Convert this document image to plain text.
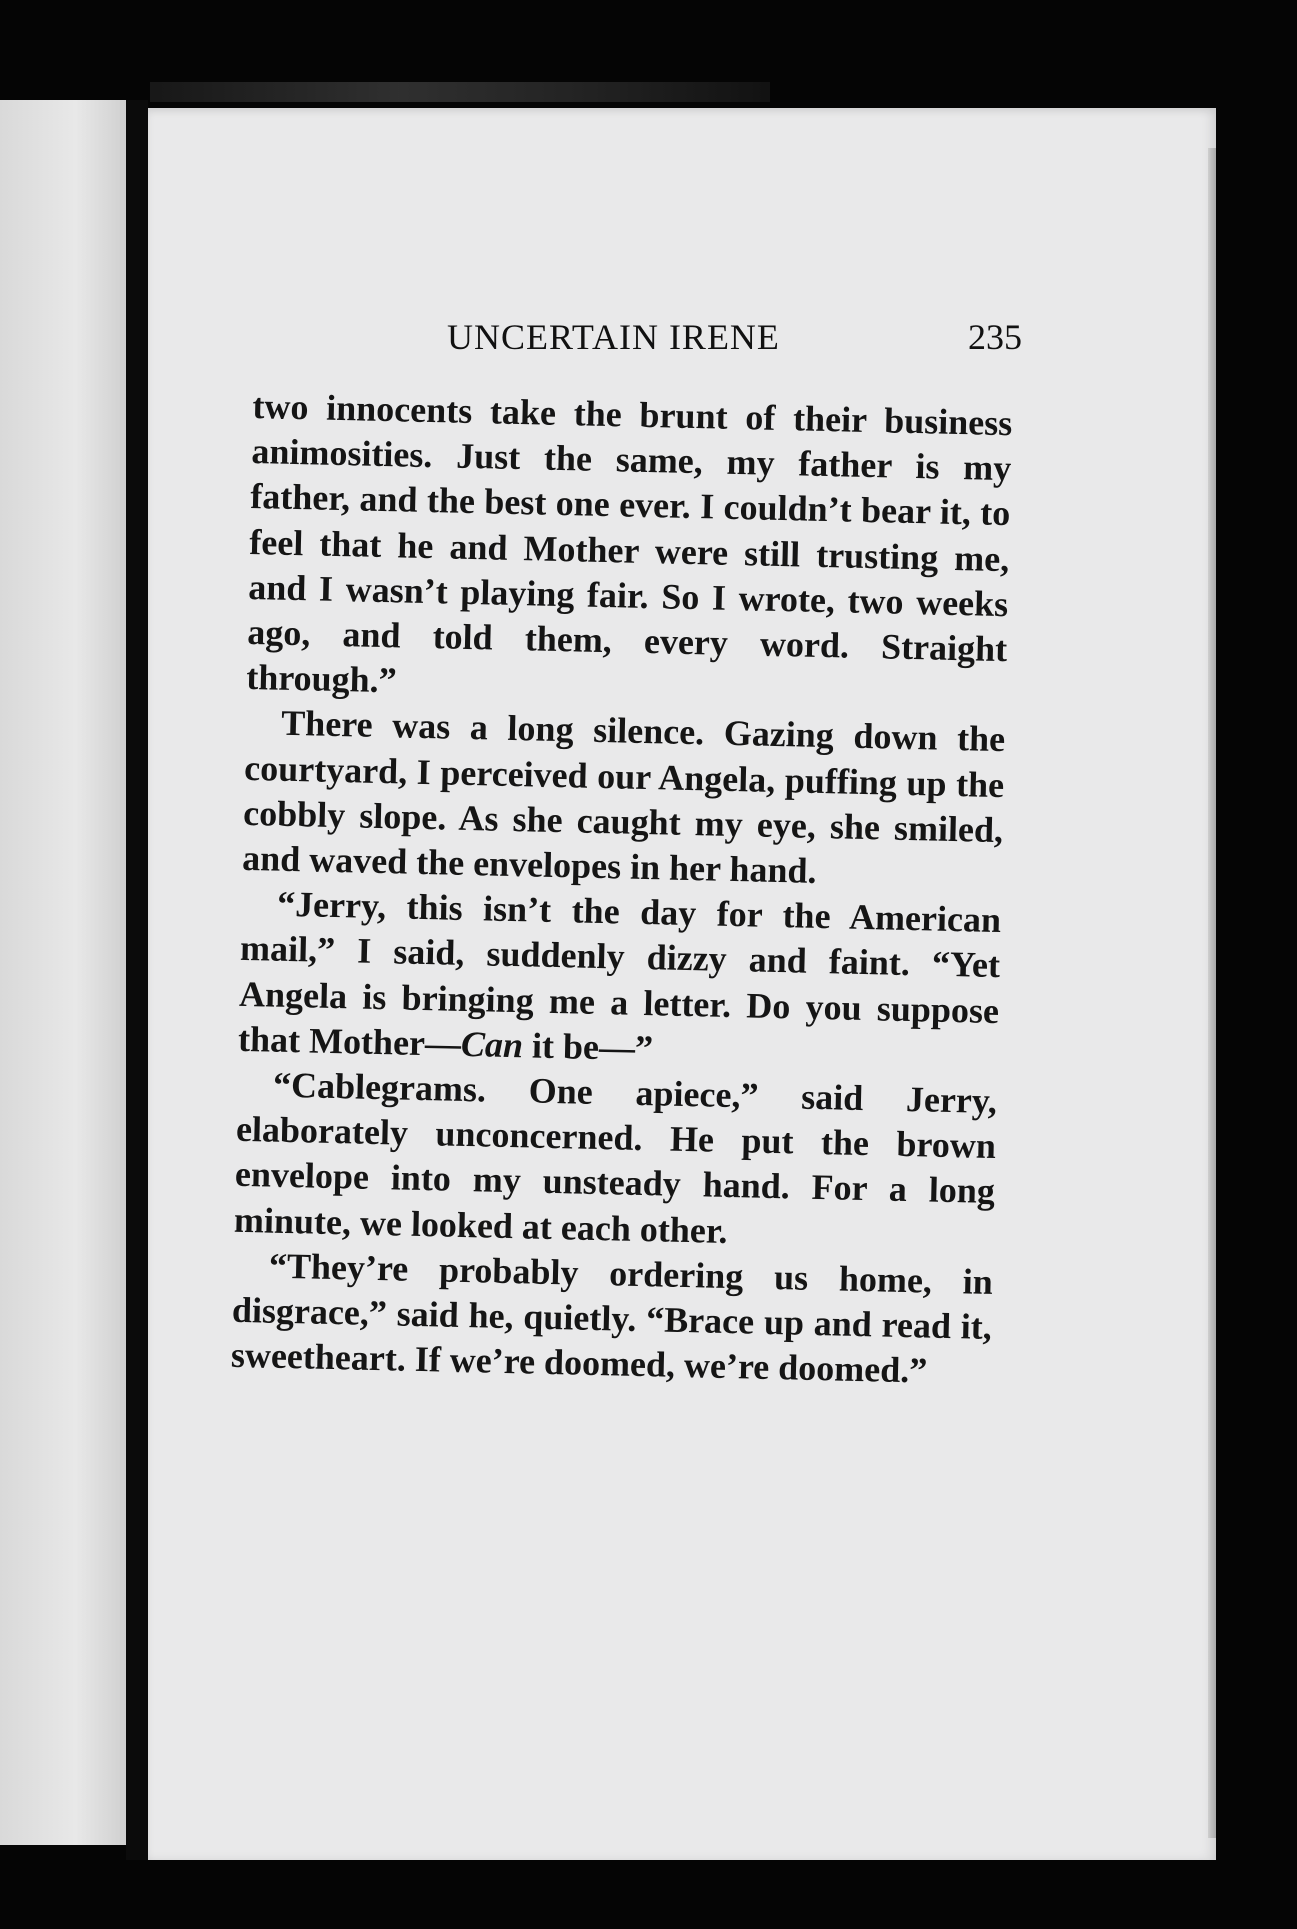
UNCERTAIN IRENE	235

two innocents take the brunt of their business animosities. Just the same, my father is my father, and the best one ever. I couldn’t bear it, to feel that he and Mother were still trusting me, and I wasn’t playing fair. So I wrote, two weeks ago, and told them, every word. Straight through.”

There was a long silence. Gazing down the courtyard, I perceived our Angela, puffing up the cobbly slope. As she caught my eye, she smiled, and waved the envelopes in her hand.

“Jerry, this isn’t the day for the American mail,” I said, suddenly dizzy and faint. “Yet Angela is bringing me a letter. Do you suppose that Mother—Can it be—”

“Cablegrams. One apiece,” said Jerry, elaborately unconcerned. He put the brown envelope into my unsteady hand. For a long minute, we looked at each other.

“They’re probably ordering us home, in disgrace,” said he, quietly. “Brace up and read it, sweetheart. If we’re doomed, we’re doomed.”
